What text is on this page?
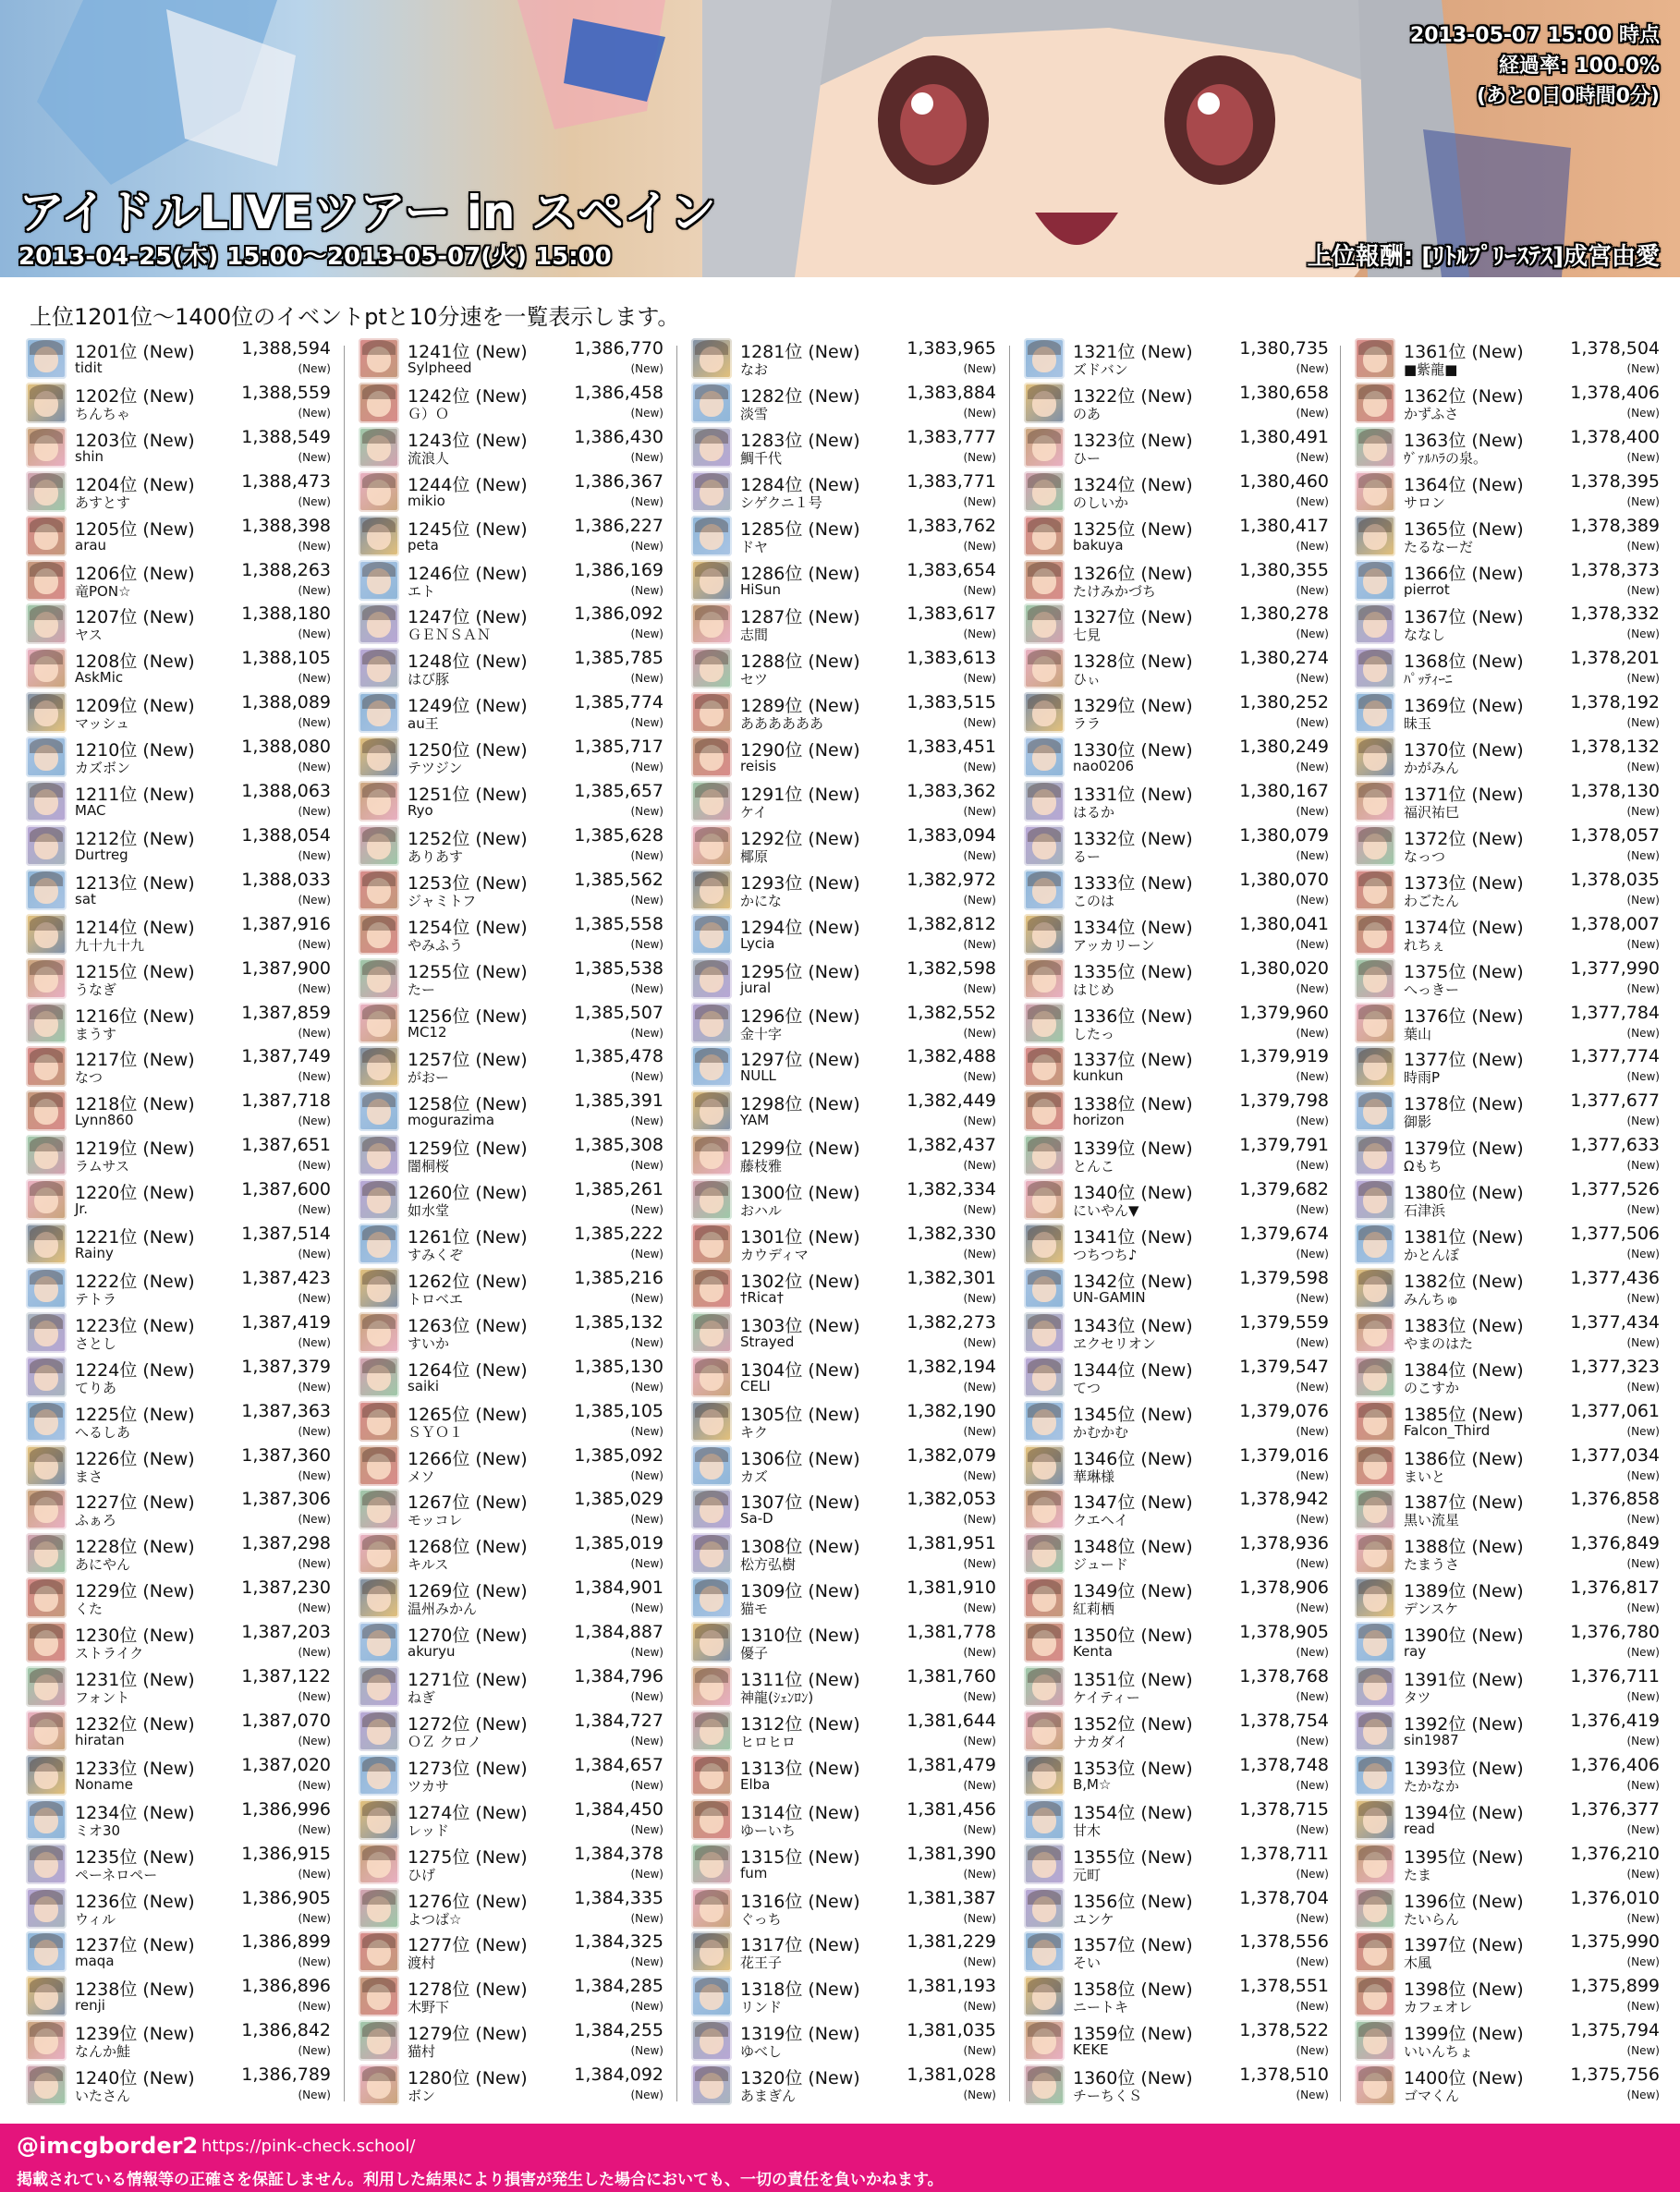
2013-05-07 15:00 時点
経過率: 100.0%
(あと0日0時間0分)
アイドルLIVEツアー in スペイン
2013-04-25(木) 15:00〜2013-05-07(火) 15:00	上位報酬: [ﾘﾄﾙﾌﾟﾘｰｽﾃｽ]成宮由愛
上位1201位〜1400位のイベントptと10分速を一覧表示します。
1201位 (New)	1,388,594
tidit	(New)
1202位 (New)	1,388,559
ちんちゃ	(New)
1203位 (New)	1,388,549
shin	(New)
1204位 (New)	1,388,473
あすとす	(New)
1205位 (New)	1,388,398
arau	(New)
1206位 (New)	1,388,263
竜PON☆	(New)
1207位 (New)	1,388,180
ヤス	(New)
1208位 (New)	1,388,105
AskMic	(New)
1209位 (New)	1,388,089
マッシュ	(New)
1210位 (New)	1,388,080
カズボン	(New)
1211位 (New)	1,388,063
MAC	(New)
1212位 (New)	1,388,054
Durtreg	(New)
1213位 (New)	1,388,033
sat	(New)
1214位 (New)	1,387,916
九十九十九	(New)
1215位 (New)	1,387,900
うなぎ	(New)
1216位 (New)	1,387,859
まうす	(New)
1217位 (New)	1,387,749
なつ	(New)
1218位 (New)	1,387,718
Lynn860	(New)
1219位 (New)	1,387,651
ラムサス	(New)
1220位 (New)	1,387,600
Jr.	(New)
1221位 (New)	1,387,514
Rainy	(New)
1222位 (New)	1,387,423
テトラ	(New)
1223位 (New)	1,387,419
さとし	(New)
1224位 (New)	1,387,379
てりあ	(New)
1225位 (New)	1,387,363
へるしあ	(New)
1226位 (New)	1,387,360
まさ	(New)
1227位 (New)	1,387,306
ふぁろ	(New)
1228位 (New)	1,387,298
あにやん	(New)
1229位 (New)	1,387,230
くた	(New)
1230位 (New)	1,387,203
ストライク	(New)
1231位 (New)	1,387,122
フォント	(New)
1232位 (New)	1,387,070
hiratan	(New)
1233位 (New)	1,387,020
Noname	(New)
1234位 (New)	1,386,996
ミオ30	(New)
1235位 (New)	1,386,915
ペーネロペー	(New)
1236位 (New)	1,386,905
ウィル	(New)
1237位 (New)	1,386,899
maqa	(New)
1238位 (New)	1,386,896
renji	(New)
1239位 (New)	1,386,842
なんか鮭	(New)
1240位 (New)	1,386,789
いたさん	(New)
1241位 (New)	1,386,770
Sylpheed	(New)
1242位 (New)	1,386,458
Ｇ）Ｏ	(New)
1243位 (New)	1,386,430
流浪人	(New)
1244位 (New)	1,386,367
mikio	(New)
1245位 (New)	1,386,227
peta	(New)
1246位 (New)	1,386,169
エト	(New)
1247位 (New)	1,386,092
ＧＥＮＳＡＮ	(New)
1248位 (New)	1,385,785
はび豚	(New)
1249位 (New)	1,385,774
au王	(New)
1250位 (New)	1,385,717
テツジン	(New)
1251位 (New)	1,385,657
Ryo	(New)
1252位 (New)	1,385,628
ありあす	(New)
1253位 (New)	1,385,562
ジャミトフ	(New)
1254位 (New)	1,385,558
やみふう	(New)
1255位 (New)	1,385,538
たー	(New)
1256位 (New)	1,385,507
MC12	(New)
1257位 (New)	1,385,478
がおー	(New)
1258位 (New)	1,385,391
mogurazima	(New)
1259位 (New)	1,385,308
闇桐桜	(New)
1260位 (New)	1,385,261
如水堂	(New)
1261位 (New)	1,385,222
すみくぞ	(New)
1262位 (New)	1,385,216
トロベエ	(New)
1263位 (New)	1,385,132
すいか	(New)
1264位 (New)	1,385,130
saiki	(New)
1265位 (New)	1,385,105
ＳＹＯ１	(New)
1266位 (New)	1,385,092
メソ	(New)
1267位 (New)	1,385,029
モッコレ	(New)
1268位 (New)	1,385,019
キルス	(New)
1269位 (New)	1,384,901
温州みかん	(New)
1270位 (New)	1,384,887
akuryu	(New)
1271位 (New)	1,384,796
ねぎ	(New)
1272位 (New)	1,384,727
ＯＺ クロノ	(New)
1273位 (New)	1,384,657
ツカサ	(New)
1274位 (New)	1,384,450
レッド	(New)
1275位 (New)	1,384,378
ひげ	(New)
1276位 (New)	1,384,335
よつば☆	(New)
1277位 (New)	1,384,325
渡村	(New)
1278位 (New)	1,384,285
木野下	(New)
1279位 (New)	1,384,255
猫村	(New)
1280位 (New)	1,384,092
ボン	(New)
1281位 (New)	1,383,965
なお	(New)
1282位 (New)	1,383,884
淡雪	(New)
1283位 (New)	1,383,777
鯛千代	(New)
1284位 (New)	1,383,771
シゲクニ１号	(New)
1285位 (New)	1,383,762
ドヤ	(New)
1286位 (New)	1,383,654
HiSun	(New)
1287位 (New)	1,383,617
志間	(New)
1288位 (New)	1,383,613
セツ	(New)
1289位 (New)	1,383,515
ああああああ	(New)
1290位 (New)	1,383,451
reisis	(New)
1291位 (New)	1,383,362
ケイ	(New)
1292位 (New)	1,383,094
椰原	(New)
1293位 (New)	1,382,972
かにな	(New)
1294位 (New)	1,382,812
Lycia	(New)
1295位 (New)	1,382,598
jural	(New)
1296位 (New)	1,382,552
金十字	(New)
1297位 (New)	1,382,488
NULL	(New)
1298位 (New)	1,382,449
YAM	(New)
1299位 (New)	1,382,437
藤枝雅	(New)
1300位 (New)	1,382,334
おハル	(New)
1301位 (New)	1,382,330
カウディマ	(New)
1302位 (New)	1,382,301
†Rica†	(New)
1303位 (New)	1,382,273
Strayed	(New)
1304位 (New)	1,382,194
CELI	(New)
1305位 (New)	1,382,190
キク	(New)
1306位 (New)	1,382,079
カズ	(New)
1307位 (New)	1,382,053
Sa-D	(New)
1308位 (New)	1,381,951
松方弘樹	(New)
1309位 (New)	1,381,910
猫モ	(New)
1310位 (New)	1,381,778
優子	(New)
1311位 (New)	1,381,760
神龍(ｼｪﾝﾛﾝ)	(New)
1312位 (New)	1,381,644
ヒロヒロ	(New)
1313位 (New)	1,381,479
Elba	(New)
1314位 (New)	1,381,456
ゆーいち	(New)
1315位 (New)	1,381,390
fum	(New)
1316位 (New)	1,381,387
ぐっち	(New)
1317位 (New)	1,381,229
花王子	(New)
1318位 (New)	1,381,193
リンド	(New)
1319位 (New)	1,381,035
ゆべし	(New)
1320位 (New)	1,381,028
あまぎん	(New)
1321位 (New)	1,380,735
ズドバン	(New)
1322位 (New)	1,380,658
のあ	(New)
1323位 (New)	1,380,491
ひー	(New)
1324位 (New)	1,380,460
のしいか	(New)
1325位 (New)	1,380,417
bakuya	(New)
1326位 (New)	1,380,355
たけみかづち	(New)
1327位 (New)	1,380,278
七見	(New)
1328位 (New)	1,380,274
ひぃ	(New)
1329位 (New)	1,380,252
ララ	(New)
1330位 (New)	1,380,249
nao0206	(New)
1331位 (New)	1,380,167
はるか	(New)
1332位 (New)	1,380,079
るー	(New)
1333位 (New)	1,380,070
このは	(New)
1334位 (New)	1,380,041
アッカリーン	(New)
1335位 (New)	1,380,020
はじめ	(New)
1336位 (New)	1,379,960
したっ	(New)
1337位 (New)	1,379,919
kunkun	(New)
1338位 (New)	1,379,798
horizon	(New)
1339位 (New)	1,379,791
とんこ	(New)
1340位 (New)	1,379,682
にいやん▼	(New)
1341位 (New)	1,379,674
つちつち♪	(New)
1342位 (New)	1,379,598
UN-GAMIN	(New)
1343位 (New)	1,379,559
ヱクセリオン	(New)
1344位 (New)	1,379,547
てつ	(New)
1345位 (New)	1,379,076
かむかむ	(New)
1346位 (New)	1,379,016
華琳様	(New)
1347位 (New)	1,378,942
クエヘイ	(New)
1348位 (New)	1,378,936
ジュード	(New)
1349位 (New)	1,378,906
紅莉栖	(New)
1350位 (New)	1,378,905
Kenta	(New)
1351位 (New)	1,378,768
ケイティー	(New)
1352位 (New)	1,378,754
ナカダイ	(New)
1353位 (New)	1,378,748
B,M☆	(New)
1354位 (New)	1,378,715
甘木	(New)
1355位 (New)	1,378,711
元町	(New)
1356位 (New)	1,378,704
ユンケ	(New)
1357位 (New)	1,378,556
そい	(New)
1358位 (New)	1,378,551
ニートキ	(New)
1359位 (New)	1,378,522
KEKE	(New)
1360位 (New)	1,378,510
チーちくＳ	(New)
1361位 (New)	1,378,504
■紫龍■	(New)
1362位 (New)	1,378,406
かずふさ	(New)
1363位 (New)	1,378,400
ｳﾞｧﾙﾊﾗの泉。	(New)
1364位 (New)	1,378,395
サロン	(New)
1365位 (New)	1,378,389
たるなーだ	(New)
1366位 (New)	1,378,373
pierrot	(New)
1367位 (New)	1,378,332
ななし	(New)
1368位 (New)	1,378,201
ﾊﾟｯﾃｨｰﾆ	(New)
1369位 (New)	1,378,192
昧玉	(New)
1370位 (New)	1,378,132
かがみん	(New)
1371位 (New)	1,378,130
福沢祐巳	(New)
1372位 (New)	1,378,057
なっつ	(New)
1373位 (New)	1,378,035
わごたん	(New)
1374位 (New)	1,378,007
れちぇ	(New)
1375位 (New)	1,377,990
へっきー	(New)
1376位 (New)	1,377,784
葉山	(New)
1377位 (New)	1,377,774
時雨P	(New)
1378位 (New)	1,377,677
御影	(New)
1379位 (New)	1,377,633
Ωもち	(New)
1380位 (New)	1,377,526
石津浜	(New)
1381位 (New)	1,377,506
かとんぼ	(New)
1382位 (New)	1,377,436
みんちゅ	(New)
1383位 (New)	1,377,434
やまのはた	(New)
1384位 (New)	1,377,323
のこすか	(New)
1385位 (New)	1,377,061
Falcon_Third	(New)
1386位 (New)	1,377,034
まいと	(New)
1387位 (New)	1,376,858
黒い流星	(New)
1388位 (New)	1,376,849
たまうさ	(New)
1389位 (New)	1,376,817
デンスケ	(New)
1390位 (New)	1,376,780
ray	(New)
1391位 (New)	1,376,711
タツ	(New)
1392位 (New)	1,376,419
sin1987	(New)
1393位 (New)	1,376,406
たかなか	(New)
1394位 (New)	1,376,377
read	(New)
1395位 (New)	1,376,210
たま	(New)
1396位 (New)	1,376,010
たいらん	(New)
1397位 (New)	1,375,990
木風	(New)
1398位 (New)	1,375,899
カフェオレ	(New)
1399位 (New)	1,375,794
いいんちょ	(New)
1400位 (New)	1,375,756
ゴマくん	(New)
@imcgborder2 https://pink-check.school/
掲載されている情報等の正確さを保証しません。利用した結果により損害が発生した場合においても、一切の責任を負いかねます。
